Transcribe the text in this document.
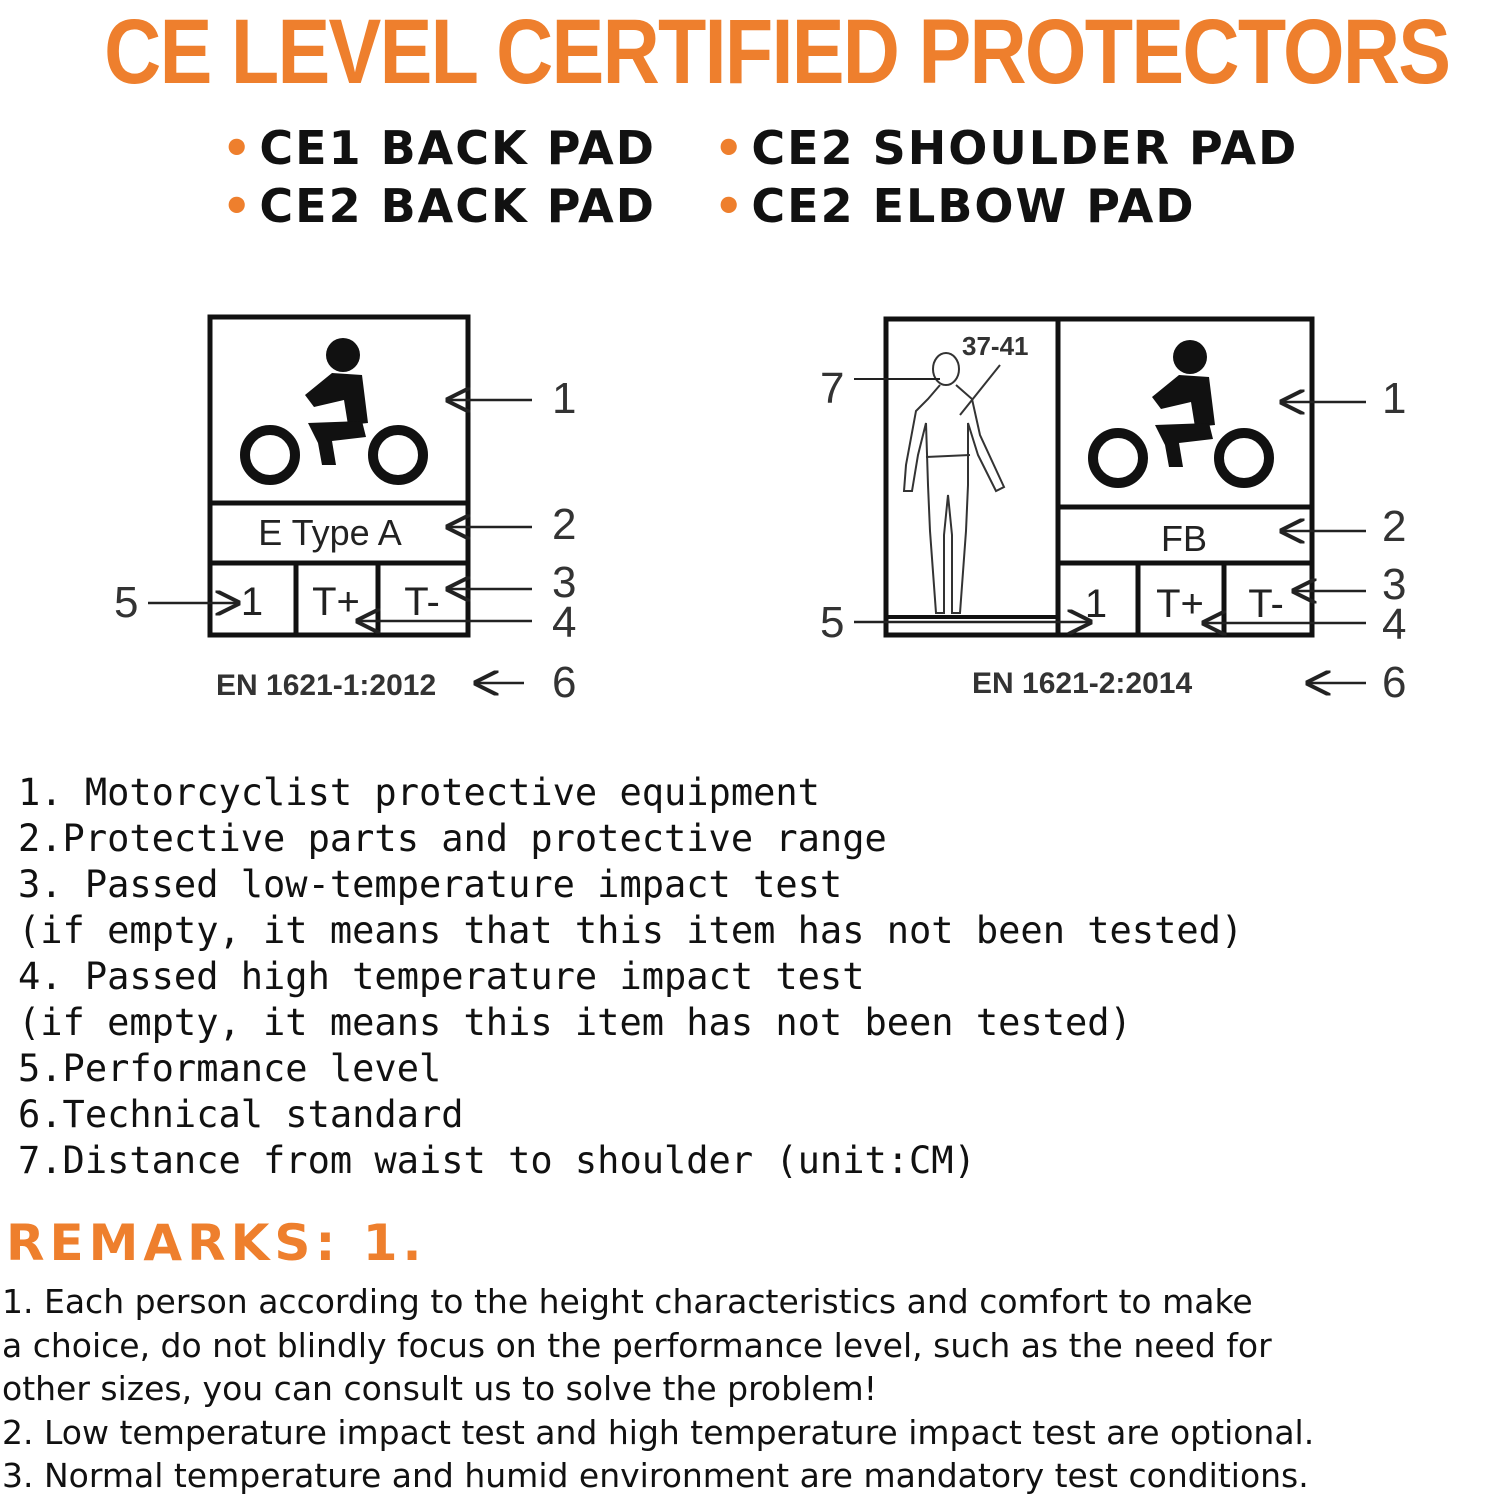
CE LEVEL CERTIFIED PROTECTORS
• CE1 BACK PAD • CE2 SHOULDER PAD
• CE2 BACK PAD • CE2 ELBOW PAD
E Type A
1 T+ T-
1
2
3
4
5
6
EN 1621-1:2012
37-41
FB
1 T+ T-
1
2
3
4
5
6
7
EN 1621-2:2014
1. Motorcyclist protective equipment
2.Protective parts and protective range
3. Passed low-temperature impact test
(if empty, it means that this item has not been tested)
4. Passed high temperature impact test
(if empty, it means this item has not been tested)
5.Performance level
6.Technical standard
7.Distance from waist to shoulder (unit:CM)
REMARKS: 1.
1. Each person according to the height characteristics and comfort to make
a choice, do not blindly focus on the performance level, such as the need for
other sizes, you can consult us to solve the problem!
2. Low temperature impact test and high temperature impact test are optional.
3. Normal temperature and humid environment are mandatory test conditions.
